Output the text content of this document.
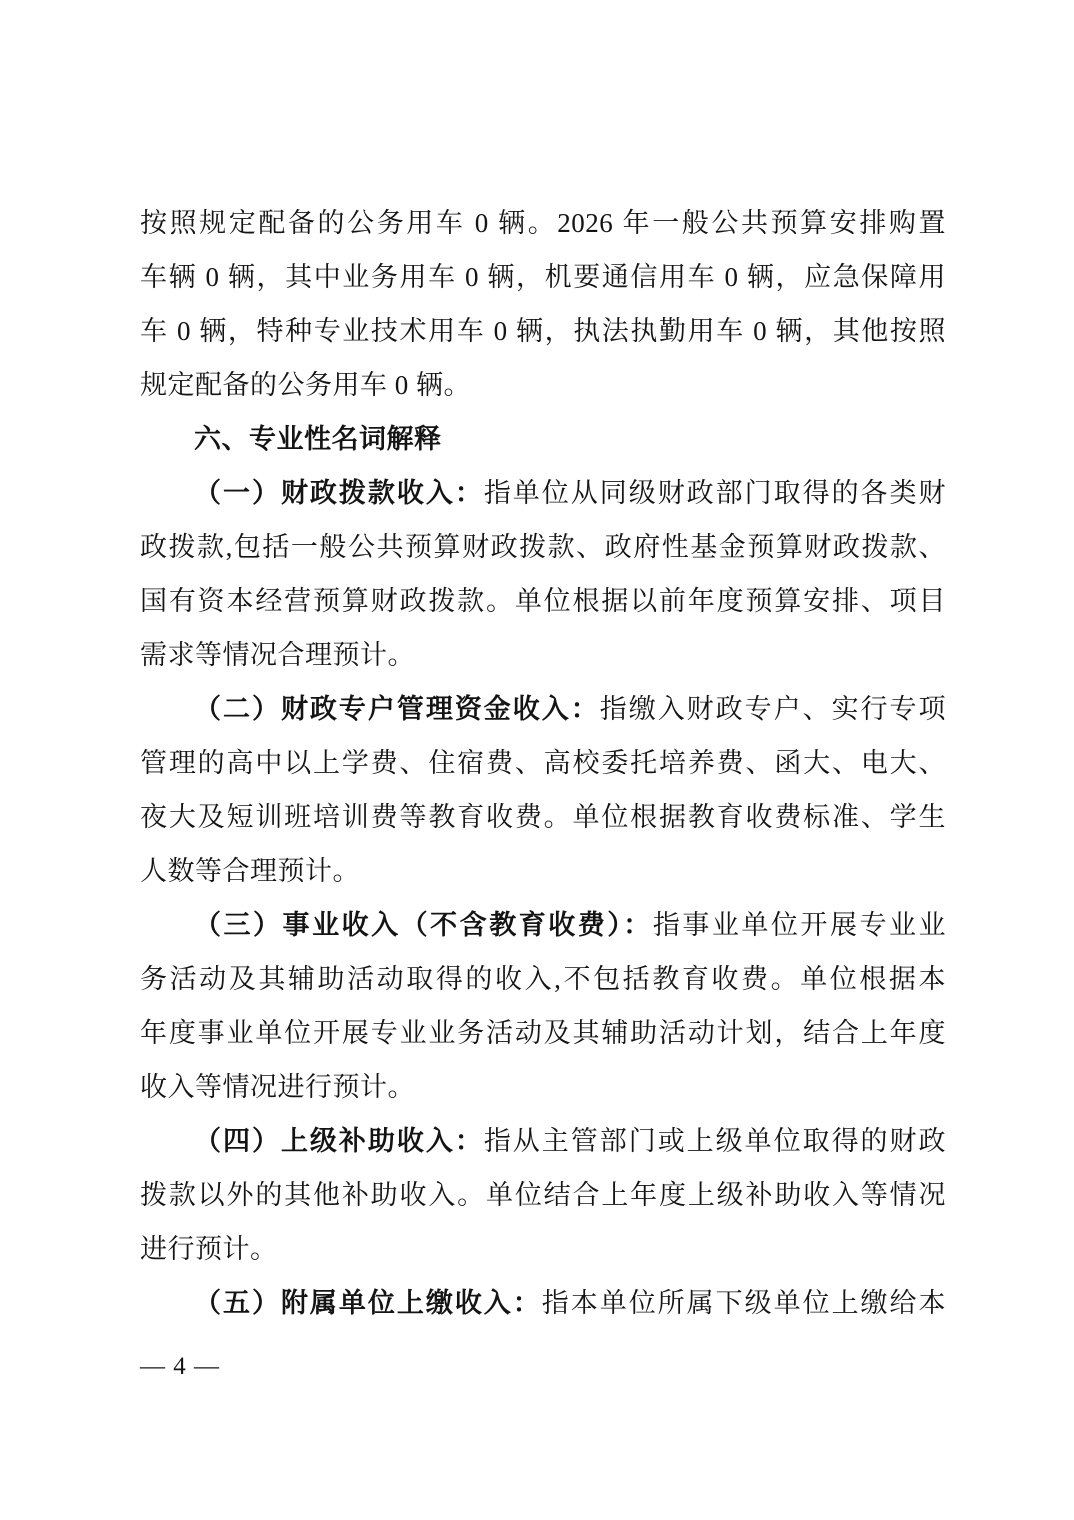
按照规定配备的公务用车 0 辆。2026 年一般公共预算安排购置
车辆 0 辆，其中业务用车 0 辆，机要通信用车 0 辆，应急保障用
车 0 辆，特种专业技术用车 0 辆，执法执勤用车 0 辆，其他按照
规定配备的公务用车 0 辆。
六、专业性名词解释
（一）财政拨款收入：指单位从同级财政部门取得的各类财
政拨款,包括一般公共预算财政拨款、政府性基金预算财政拨款、
国有资本经营预算财政拨款。单位根据以前年度预算安排、项目
需求等情况合理预计。
（二）财政专户管理资金收入：指缴入财政专户、实行专项
管理的高中以上学费、住宿费、高校委托培养费、函大、电大、
夜大及短训班培训费等教育收费。单位根据教育收费标准、学生
人数等合理预计。
（三）事业收入（不含教育收费）：指事业单位开展专业业
务活动及其辅助活动取得的收入,不包括教育收费。单位根据本
年度事业单位开展专业业务活动及其辅助活动计划，结合上年度
收入等情况进行预计。
（四）上级补助收入：指从主管部门或上级单位取得的财政
拨款以外的其他补助收入。单位结合上年度上级补助收入等情况
进行预计。
（五）附属单位上缴收入：指本单位所属下级单位上缴给本
— 4 —
